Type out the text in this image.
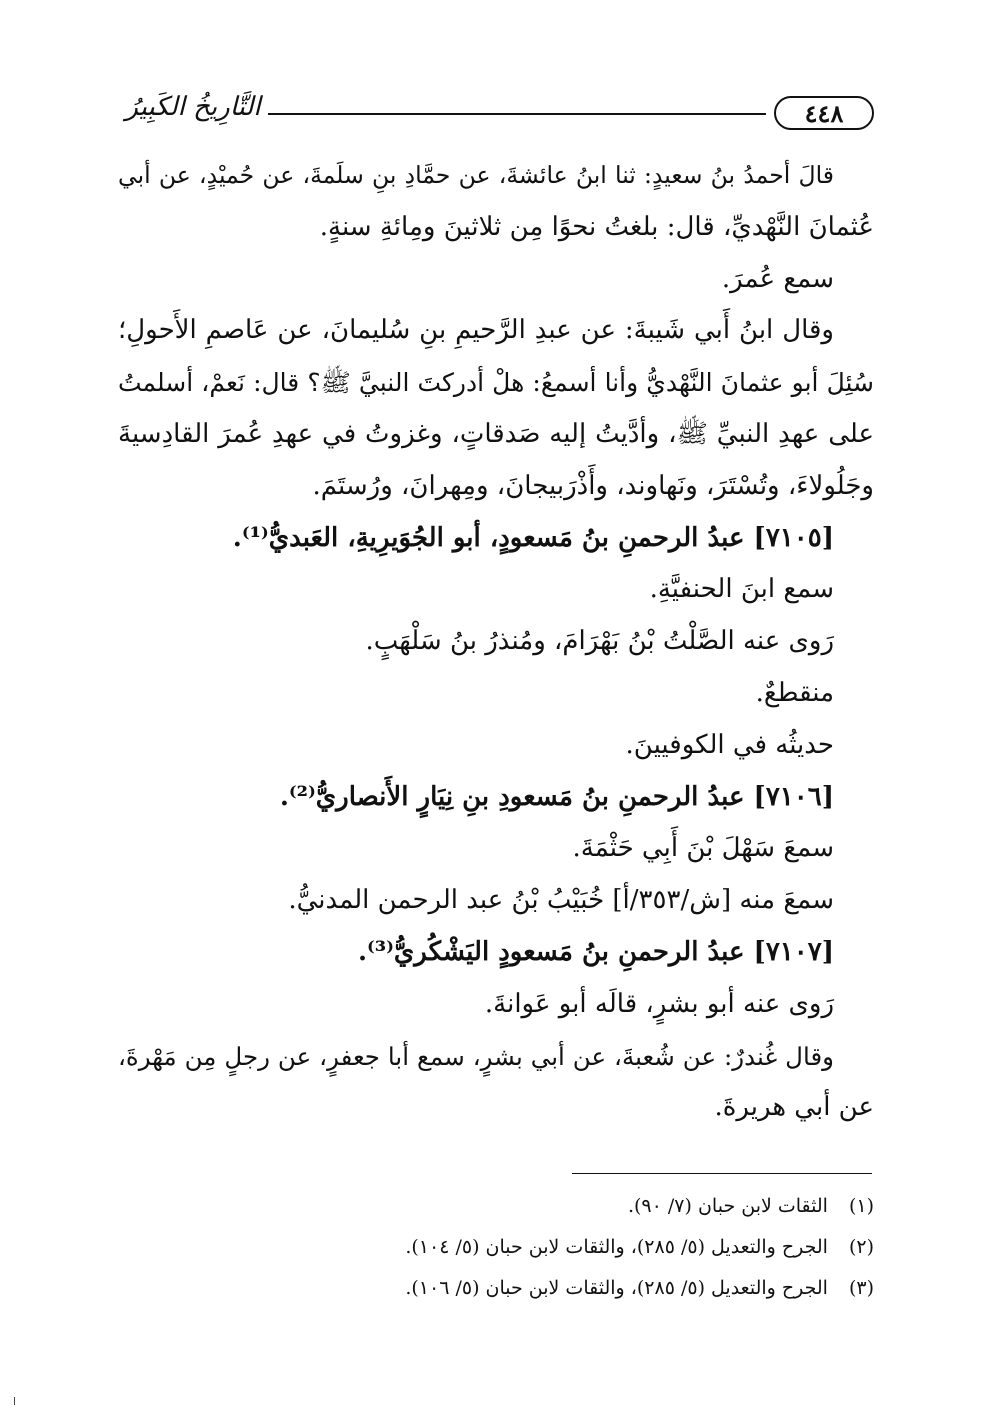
التَّارِيخُ الكَبِيرُ	٤٤٨
قالَ أحمدُ بنُ سعيدٍ: ثنا ابنُ عائشةَ، عن حمَّادِ بنِ سلَمةَ، عن حُميْدٍ، عن أبي
عُثمانَ النَّهْديِّ، قال: بلغتُ نحوًا مِن ثلاثينَ ومِائةِ سنةٍ.
سمع عُمرَ.
وقال ابنُ أَبي شَيبةَ: عن عبدِ الرَّحيمِ بنِ سُليمانَ، عن عَاصمِ الأَحولِ؛
سُئِلَ أبو عثمانَ النَّهْديُّ وأنا أسمعُ: هلْ أدركتَ النبيَّ ﷺ؟ قال: نَعمْ، أسلمتُ
على عهدِ النبيِّ ﷺ، وأدَّيتُ إليه صَدقاتٍ، وغزوتُ في عهدِ عُمرَ القادِسيةَ
وجَلُولاءَ، وتُسْتَرَ، ونَهاوند، وأَذْرَبيجانَ، ومِهرانَ، ورُستَمَ.
[٧١٠٥] عبدُ الرحمنِ بنُ مَسعودٍ، أبو الجُوَيرِيةِ، العَبديُّ⁽¹⁾.
سمع ابنَ الحنفيَّةِ.
رَوى عنه الصَّلْتُ بْنُ بَهْرَامَ، ومُنذرُ بنُ سَلْهَبٍ.
منقطعٌ.
حديثُه في الكوفيينَ.
[٧١٠٦] عبدُ الرحمنِ بنُ مَسعودِ بنِ نِيَارٍ الأَنصاريُّ⁽²⁾.
سمعَ سَهْلَ بْنَ أَبِي حَثْمَةَ.
سمعَ منه [ش/٣٥٣/أ] خُبَيْبُ بْنُ عبد الرحمن المدنيُّ.
[٧١٠٧] عبدُ الرحمنِ بنُ مَسعودٍ اليَشْكُريُّ⁽³⁾.
رَوى عنه أبو بشرٍ، قالَه أبو عَوانةَ.
وقال غُندرٌ: عن شُعبةَ، عن أبي بشرٍ، سمع أبا جعفرٍ، عن رجلٍ مِن مَهْرةَ،
عن أبي هريرةَ.
(١) الثقات لابن حبان (٧/ ٩٠).
(٢) الجرح والتعديل (٥/ ٢٨٥)، والثقات لابن حبان (٥/ ١٠٤).
(٣) الجرح والتعديل (٥/ ٢٨٥)، والثقات لابن حبان (٥/ ١٠٦).
